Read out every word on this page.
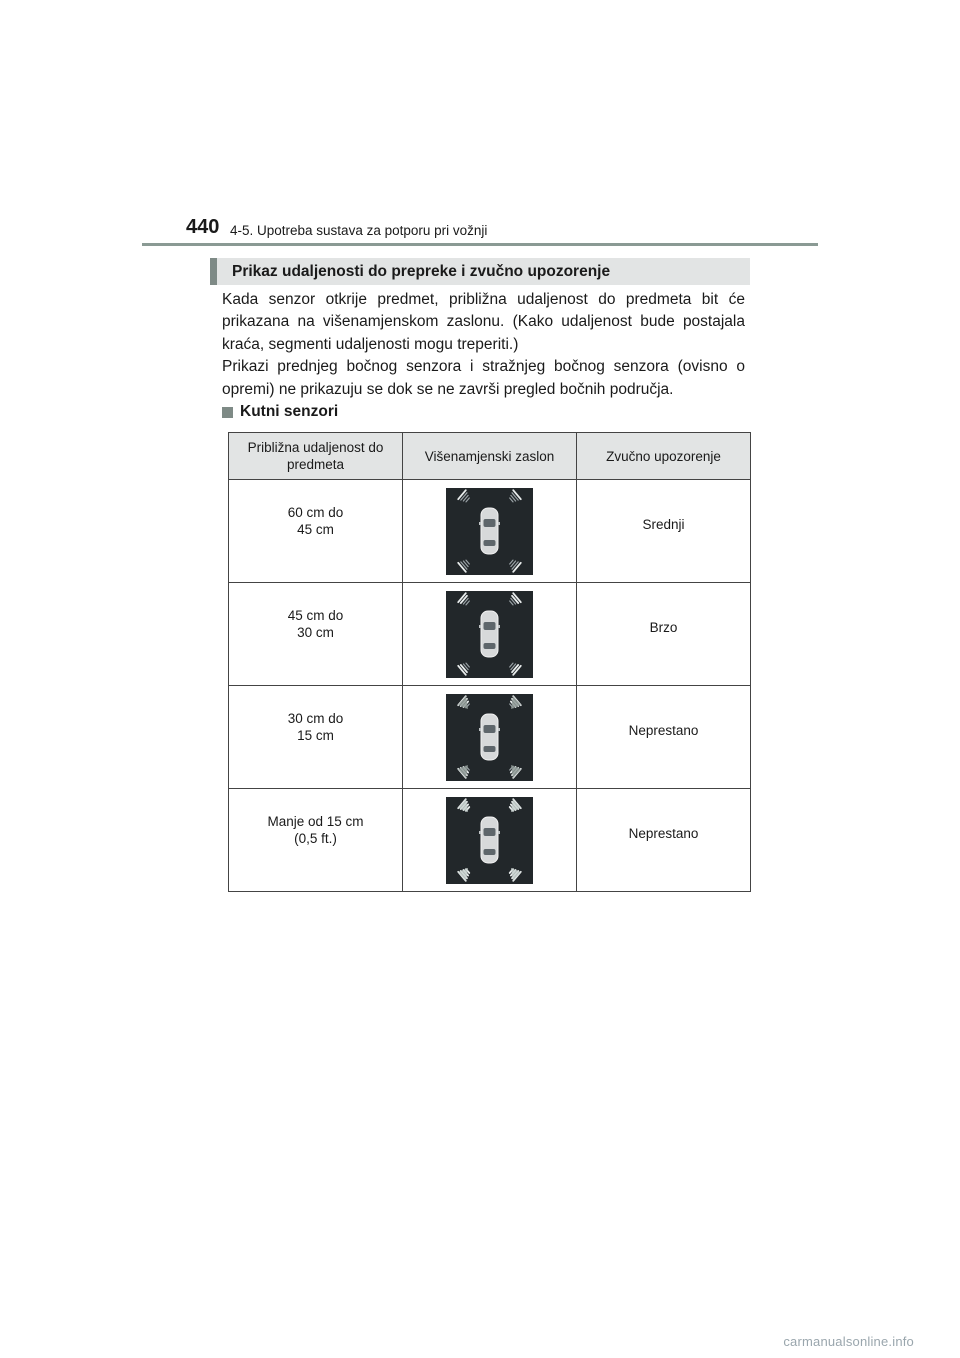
440 4-5. Upotreba sustava za potporu pri vožnji
Prikaz udaljenosti do prepreke i zvučno upozorenje
Kada senzor otkrije predmet, približna udaljenost do predmeta bit će prikazana na višenamjenskom zaslonu. (Kako udaljenost bude postajala kraća, segmenti udaljenosti mogu treperiti.)
Prikazi prednjeg bočnog senzora i stražnjeg bočnog senzora (ovisno o opremi) ne prikazuju se dok se ne završi pregled bočnih područja.
Kutni senzori
Približna udaljenost do predmeta	Višenamjenski zaslon	Zvučno upozorenje

60 cm do
45 cm		Srednji

45 cm do
30 cm		Brzo

30 cm do
15 cm		Neprestano

Manje od 15 cm
(0,5 ft.)		Neprestano
carmanualsonline.info
